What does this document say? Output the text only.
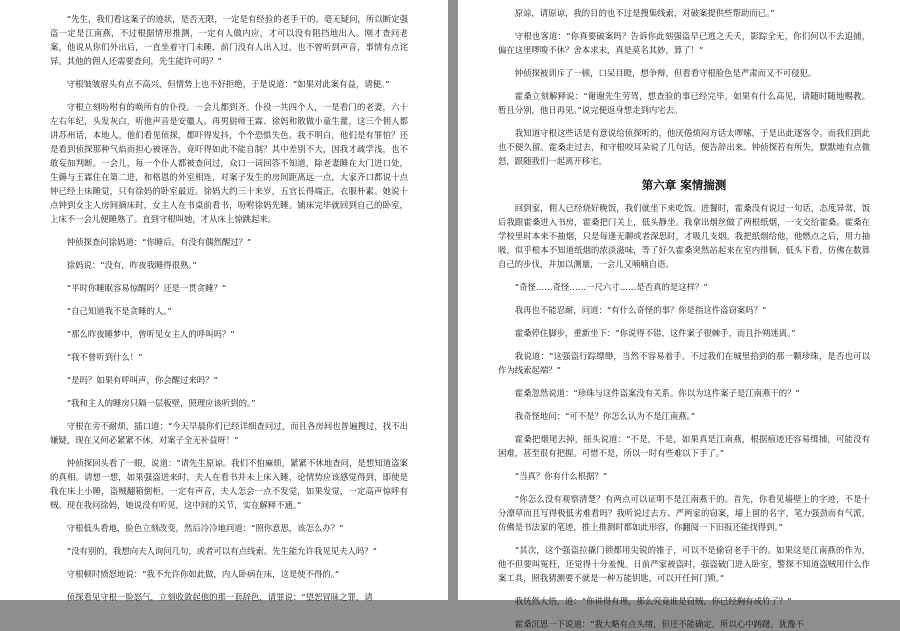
“先生，我们看这案子的迹状，是否无限，一定是有经验的老手干的。毫无疑问，所以断定强盗一定是江南燕，不过根据情形推测，一定有人做内应，才可以没有阻挡地出入。刚才查问老案，他说从你们外出后，一直坐着守门未睡，前门没有人出入过，也不曾听到声音，事情有点诧异。其他的佣人还需要查问，先生能许可吗？”

守根皱皱眉头有点不高兴，但情势上也不好拒绝，于是说道：“如果对此案有益，请便。”

守根立刻吩咐有的唤所有的仆役。一会儿都到齐。仆役一共四个人，一是看门的老妻，六十左右年纪，头发灰白，听他声音是安徽人。再男厨师王霖、徐妈和散做小童生藿，这三个佣人都讲苏州话，本地人。他们看见侦探，都吓得发抖，个个恐惧失色。我不明白，他们是有罪怕？还是看到侦探那种气焰而担心被诬告，竟吓得如此不能自制？其中差别不大，因我才疏学浅，也不敢妄加判断。一会儿，每一个仆人都被查问过，众口一词回答不知道，除老妻睡在大门进口处，生薅与王霖住在第二进，和格恩的外室相连，对案子发生的房间距离远一点，大家齐口都说十点钟已经上床睡觉，只有徐妈的卧室最近。徐妈大约三十来岁，五官长得端正，衣服朴素。她说十点钟到女主人房间摘床时，女主人在书桌前看书，吩咐徐妈先睡。铺床完毕就回到自己的卧室，上床不一会儿便睡熟了。直到守根叫她，才从床上惊跳起来。

钟侦探查问徐妈道：“你睡后，有没有偶然醒过？”

徐妈说：“没有，昨夜我睡得很熟。”

“平时你睡眠容易惊醒吗？还是一贯贪睡？”

“自己知道我不是贪睡的人。”

“那么昨夜睡梦中，曾听见女主人的呼叫吗？”

“我不曾听到什么！”

“是吗？如果有呼叫声，你会醒过来吗？”

“我和主人的睡房只隔一层板壁，照理应该听到的。”

守根在旁不耐烦，插口道：“今天早晨你们已经详细查问过，而且各房间也普遍搜过，找不出嫌疑，现在又何必紧紧不休，对案子全无补益呀！”

钟侦探回头看了一眼，说道：“请先生原谅。我们不怕麻烦，紧紧不休地查问，是想知道盗案的真相。请想一想，如果强盗进来时，夫人在看书并未上床入睡，论情势应该感觉得到，即使是我在床上小睡，盗贼翻箱倒柜，一定有声音，夫人怎会一点不发觉，如果发觉，一定高声惊呼有贼。现在我问徐妈，她说没有听见，这中间的关节，实在解释不通。”

守根低头看地，脸色立刻改变，然后冷冷地问道：“照你意思，该怎么办？”

“没有别的，我想向夫人询问几句，或者可以有点线索。先生能允许我见见夫人吗？”

守根顿时愤怒地说：“我不允许你如此做，内人卧病在床，这是使不得的。”

侦探看见守根一脸怒气，立刻收敛起他的那一套辞色，请罪说：“望恕冒昧之罪，请

原谅，请原谅，我的目的也不过是搜集线索，对破案提供些帮助而已。”

守根也客道：“你真要破案吗？告诉你此刻强盗早已逃之夭夭，影踪全无，你们何以不去追捕，偏在这里啰唆不休？舍本求末，真是莫名其妙，算了！”

钟侦探被训斥了一顿，口呆目瞪，想争辩，但看看守根脸色是严肃而又不可侵犯。

霍桑立刻解释说：“谢谢先生劳驾，想查验的事已经完毕，如果有什么高见，请随时随地赐教。暂且分别，他日再见。”说完便返身想走到内宅去。

我知道守根这些话是有意说给侦探听的，他厌倦烦闷方话太啰嗦，于是出此逐客令。而我们到此也不便久留。霍桑走过去，和守根咬耳朵说了几句话，便告辞出来。钟侦探若有所失，默默地有点微怒，跟随我们一起离开移宅。

第六章 案情揣测

回到家，佣人已经烧好晚饭，我们就坐下来吃饭。进餐时，霍桑没有说过一句话，态度异常，饭后我跟霍桑进入书房，霍桑把门关上，低头静坐。我拿出烟丝做了两根纸烟，一支交给霍桑。霍桑在学校里时本来不抽烟，只是每逢无聊或者深思时，才吸几支烟。我把纸烟给他，他燃点之后，用力抽吸，似乎根本不知道纸烟的浓淡滋味，等了好久霍桑突然站起来在室内徘徊，低头下看，仿佛在数算自己的步伐，并加以测量，一会儿又喃喃自语。

“奇怪……奇怪……一尺六寸……是否真的是这样？”

我再也不能忍耐，问道：“有什么奇怪的事？你是指这件盗窃案吗？”

霍桑停住脚步，重新坐下：“你说得不错，这件案子很棘手，而且扑朔迷离。”

我说道：“这强盗行踪缥缈，当然不容易着手。不过我们在城里拾到的那一颗珍珠，是否也可以作为线索起端？”

霍桑忽然说道：“珍珠与这件盗案没有关系。你以为这件案子是江南燕干的？”

我奇怪地问：“可不是？你怎么认为不是江南燕。”

霍桑把烟尾去掉，摇头说道：“不是，不是，如果真是江南燕，根据痕迹还容易缉捕，可能没有困难，甚至很有把握。可惜不是，所以一时有些难以下手了。”

“当真？你有什么根据？”

“你怎么没有观察清楚？有两点可以证明不是江南燕干的。首先，你看见墙壁上的字迹，不是十分潦草而且写得极低劣难看吗？我听说过去方、严两家的窃案，墙上留的名字，笔力强劲而有气派，仿佛是书法家的笔迹，推上推测时都如此形容，你翻阅一下旧报还能找得到。”

“其次，这个强盗拉撬门锁都用尖锐的锥子，可以不是偷窃老手干的。如果这是江南燕的作为，他不但要叫冤枉，还觉得十分羞愧。日前严家被盗时，强盗破门进入卧室，警探不知道盗贼用什么作案工具，照我猜测要不就是一种万能钥匙，可以开任何门锁。”

我恍然大悟，道：“你讲得有理，那么究竟谁是窃贼，你已经胸有成竹了？”

霍桑沉思一下说道：“我大略有点头绪，但还不能确定，所以心中踌躇，犹豫不
